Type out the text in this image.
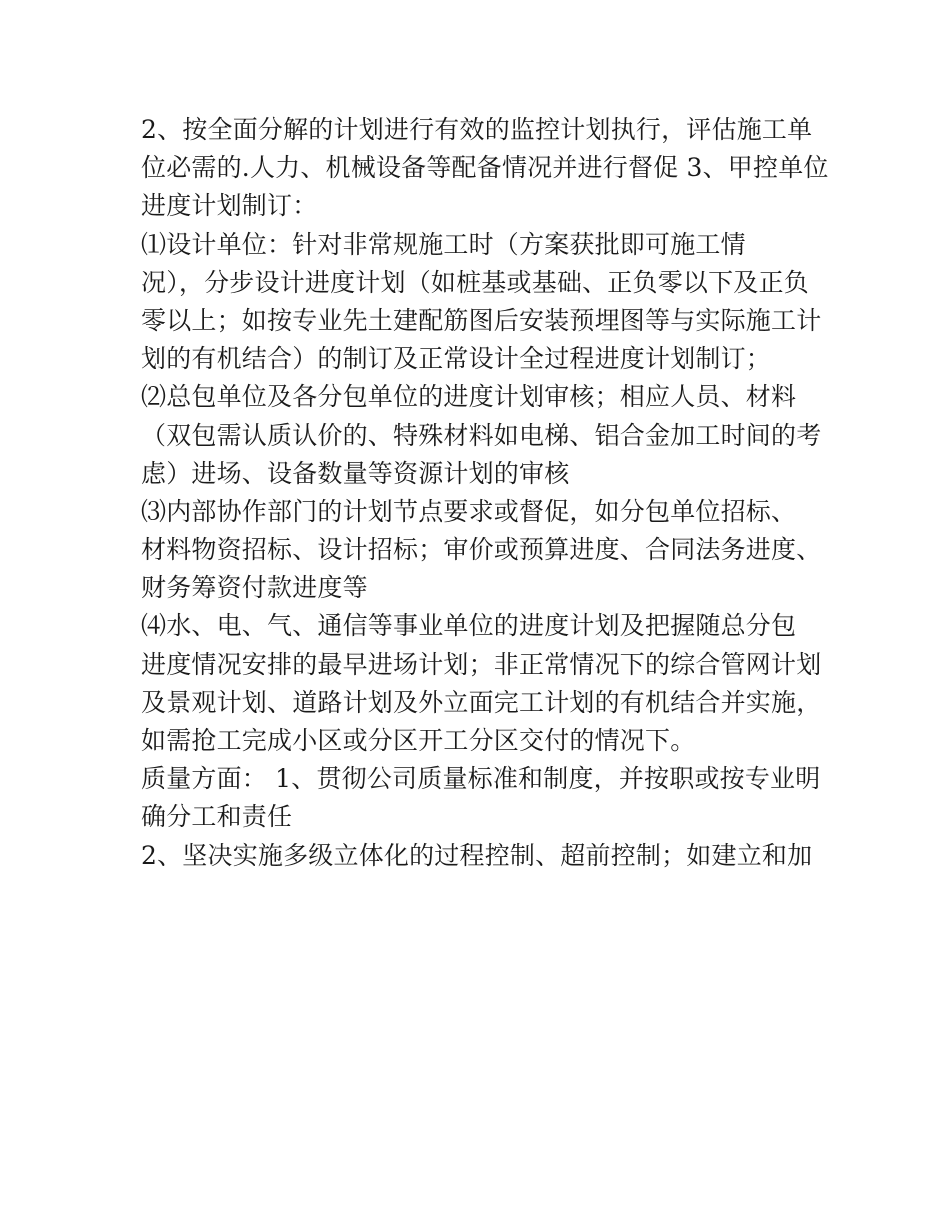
2、按全面分解的计划进行有效的监控计划执行，评估施工单
位必需的.人力、机械设备等配备情况并进行督促 3、甲控单位
进度计划制订：
⑴设计单位：针对非常规施工时（方案获批即可施工情
况），分步设计进度计划（如桩基或基础、正负零以下及正负
零以上；如按专业先土建配筋图后安装预埋图等与实际施工计
划的有机结合）的制订及正常设计全过程进度计划制订；
⑵总包单位及各分包单位的进度计划审核；相应人员、材料
（双包需认质认价的、特殊材料如电梯、铝合金加工时间的考
虑）进场、设备数量等资源计划的审核
⑶内部协作部门的计划节点要求或督促，如分包单位招标、
材料物资招标、设计招标；审价或预算进度、合同法务进度、
财务筹资付款进度等
⑷水、电、气、通信等事业单位的进度计划及把握随总分包
进度情况安排的最早进场计划；非正常情况下的综合管网计划
及景观计划、道路计划及外立面完工计划的有机结合并实施，
如需抢工完成小区或分区开工分区交付的情况下。
质量方面： 1、贯彻公司质量标准和制度，并按职或按专业明
确分工和责任
2、坚决实施多级立体化的过程控制、超前控制；如建立和加
